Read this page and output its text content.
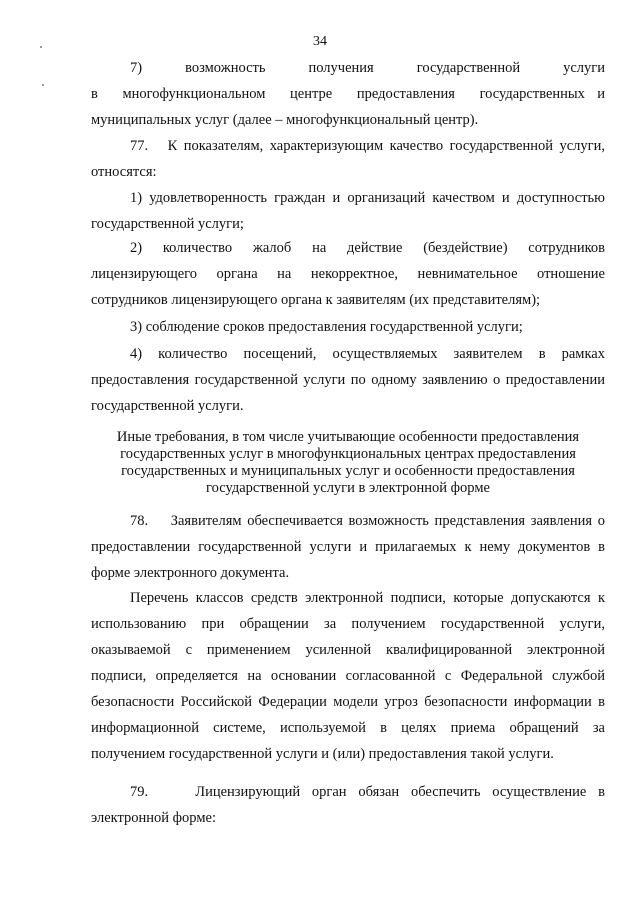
34
7)    возможность    получения    государственной    услуги в  многофункциональном  центре  предоставления  государственных и муниципальных услуг (далее – многофункциональный центр).
77.   К показателям, характеризующим качество государственной услуги, относятся:
1) удовлетворенность граждан и организаций качеством и доступностью государственной услуги;
2) количество жалоб на действие (бездействие) сотрудников лицензирующего органа на некорректное, невнимательное отношение сотрудников лицензирующего органа к заявителям (их представителям);
3) соблюдение сроков предоставления государственной услуги;
4) количество посещений, осуществляемых заявителем в рамках предоставления государственной услуги по одному заявлению о предоставлении государственной услуги.
Иные требования, в том числе учитывающие особенности предоставления государственных услуг в многофункциональных центрах предоставления государственных и муниципальных услуг и особенности предоставления государственной услуги в электронной форме
78.    Заявителям обеспечивается возможность представления заявления о предоставлении государственной услуги и прилагаемых к нему документов в форме электронного документа.
Перечень классов средств электронной подписи, которые допускаются к использованию при обращении за получением государственной услуги, оказываемой с применением усиленной квалифицированной электронной подписи, определяется на основании согласованной с Федеральной службой безопасности Российской Федерации модели угроз безопасности информации в информационной системе, используемой в целях приема обращений за получением государственной услуги и (или) предоставления такой услуги.
79.    Лицензирующий орган обязан обеспечить осуществление в электронной форме:
